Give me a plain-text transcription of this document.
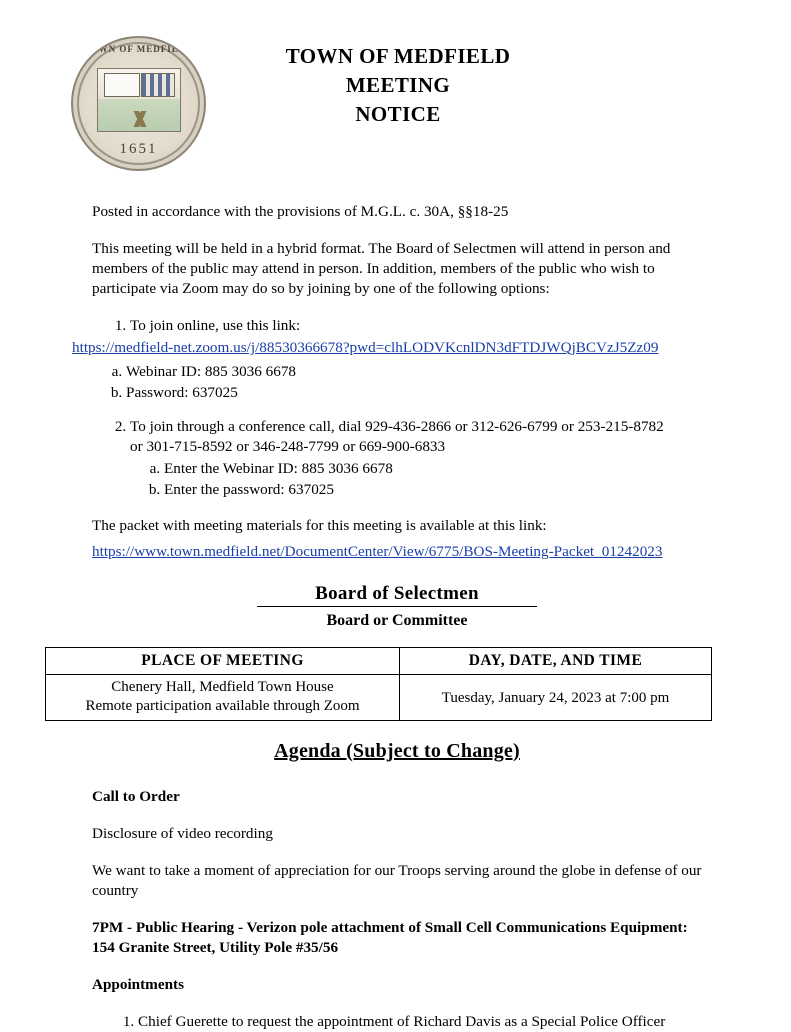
TOWN OF MEDFIELD
1651
TOWN OF MEDFIELD
MEETING
NOTICE

Posted in accordance with the provisions of M.G.L. c. 30A, §§18-25

This meeting will be held in a hybrid format. The Board of Selectmen will attend in person and members of the public may attend in person. In addition, members of the public who wish to participate via Zoom may do so by joining by one of the following options:

1. To join online, use this link:
https://medfield-net.zoom.us/j/88530366678?pwd=clhLODVKcnlDN3dFTDJWQjBCVzJ5Zz09
a. Webinar ID: 885 3036 6678
b. Password: 637025
2. To join through a conference call, dial 929-436-2866 or 312-626-6799 or 253-215-8782
or 301-715-8592 or 346-248-7799 or 669-900-6833
a. Enter the Webinar ID: 885 3036 6678
b. Enter the password: 637025

The packet with meeting materials for this meeting is available at this link:

https://www.town.medfield.net/DocumentCenter/View/6775/BOS-Meeting-Packet_01242023
Board of Selectmen
Board or Committee
PLACE OF MEETING	DAY, DATE, AND TIME

Chenery Hall, Medfield Town House
Remote participation available through Zoom	Tuesday, January 24, 2023 at 7:00 pm
Agenda (Subject to Change)

Call to Order

Disclosure of video recording

We want to take a moment of appreciation for our Troops serving around the globe in defense of our country

7PM - Public Hearing - Verizon pole attachment of Small Cell Communications Equipment: 154 Granite Street, Utility Pole #35/56

Appointments

1. Chief Guerette to request the appointment of Richard Davis as a Special Police Officer
